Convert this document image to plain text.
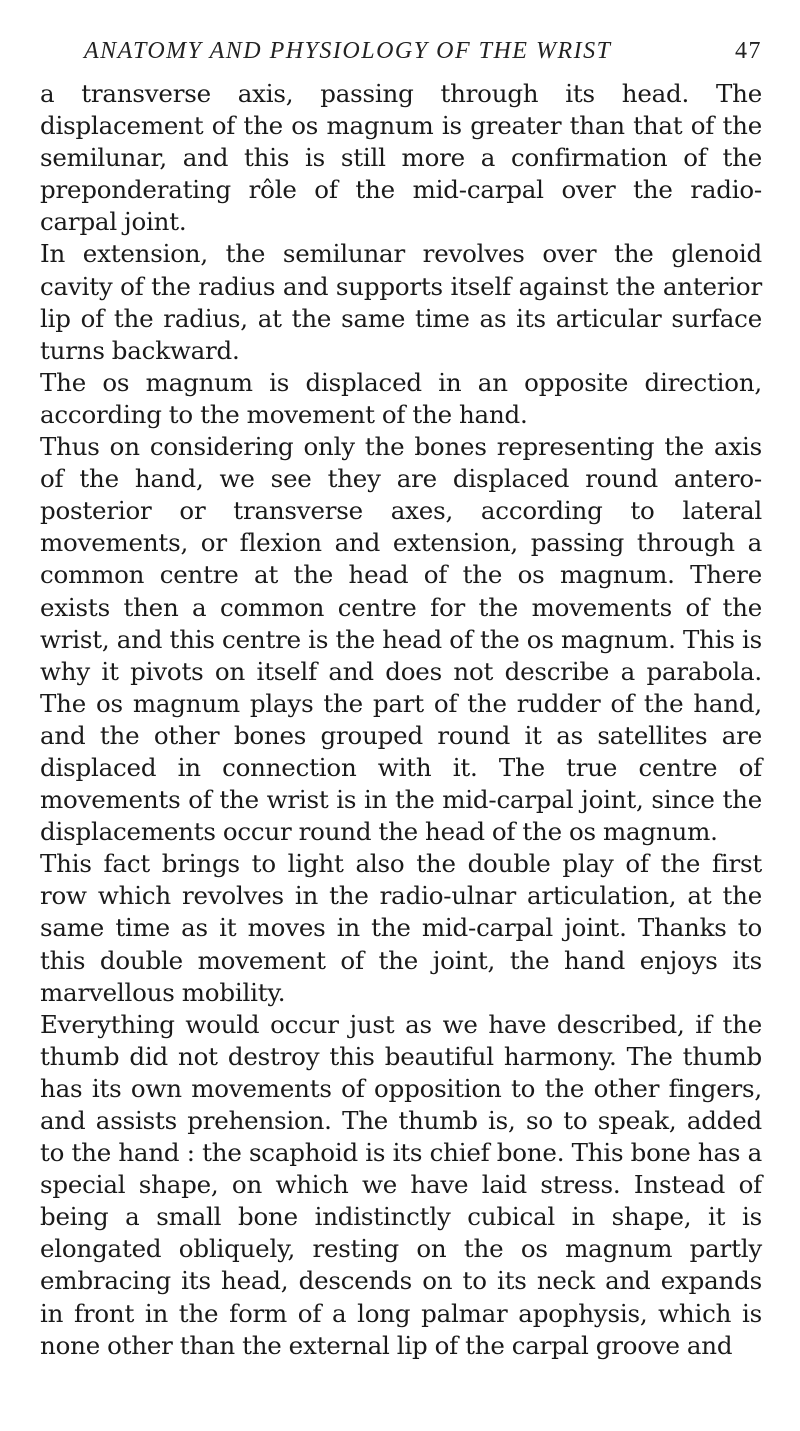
ANATOMY AND PHYSIOLOGY OF THE WRIST	47

a transverse axis, passing through its head. The displacement of the os magnum is greater than that of the semilunar, and this is still more a confirmation of the preponderating rôle of the mid-carpal over the radio-carpal joint.

In extension, the semilunar revolves over the glenoid cavity of the radius and supports itself against the anterior lip of the radius, at the same time as its articular surface turns backward.

The os magnum is displaced in an opposite direction, according to the movement of the hand.

Thus on considering only the bones representing the axis of the hand, we see they are displaced round antero-posterior or transverse axes, according to lateral movements, or flexion and extension, passing through a common centre at the head of the os magnum. There exists then a common centre for the movements of the wrist, and this centre is the head of the os magnum. This is why it pivots on itself and does not describe a parabola. The os magnum plays the part of the rudder of the hand, and the other bones grouped round it as satellites are displaced in connection with it. The true centre of movements of the wrist is in the mid-carpal joint, since the displacements occur round the head of the os magnum.

This fact brings to light also the double play of the first row which revolves in the radio-ulnar articulation, at the same time as it moves in the mid-carpal joint. Thanks to this double movement of the joint, the hand enjoys its marvellous mobility.

Everything would occur just as we have described, if the thumb did not destroy this beautiful harmony. The thumb has its own movements of opposition to the other fingers, and assists prehension. The thumb is, so to speak, added to the hand : the scaphoid is its chief bone. This bone has a special shape, on which we have laid stress. Instead of being a small bone indistinctly cubical in shape, it is elongated obliquely, resting on the os magnum partly embracing its head, descends on to its neck and expands in front in the form of a long palmar apophysis, which is none other than the external lip of the carpal groove and
